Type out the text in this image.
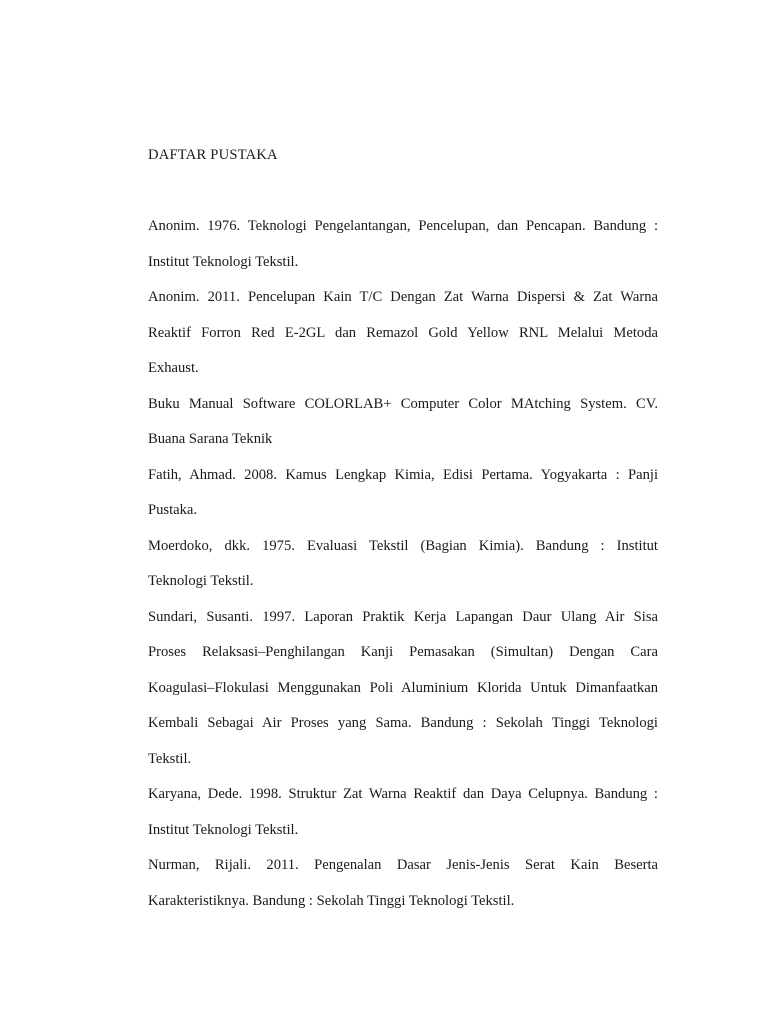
DAFTAR PUSTAKA
Anonim. 1976. Teknologi Pengelantangan, Pencelupan, dan Pencapan. Bandung :
Institut Teknologi Tekstil.
Anonim. 2011. Pencelupan Kain T/C Dengan Zat Warna Dispersi & Zat Warna
Reaktif Forron Red E-2GL dan Remazol Gold Yellow RNL Melalui Metoda
Exhaust.
Buku Manual Software COLORLAB+ Computer Color MAtching System. CV.
Buana Sarana Teknik
Fatih, Ahmad. 2008. Kamus Lengkap Kimia, Edisi Pertama. Yogyakarta : Panji
Pustaka.
Moerdoko, dkk. 1975. Evaluasi Tekstil (Bagian Kimia). Bandung : Institut
Teknologi Tekstil.
Sundari, Susanti. 1997. Laporan Praktik Kerja Lapangan Daur Ulang Air Sisa
Proses Relaksasi–Penghilangan Kanji Pemasakan (Simultan) Dengan Cara
Koagulasi–Flokulasi Menggunakan Poli Aluminium Klorida Untuk Dimanfaatkan
Kembali Sebagai Air Proses yang Sama. Bandung : Sekolah Tinggi Teknologi
Tekstil.
Karyana, Dede. 1998. Struktur Zat Warna Reaktif dan Daya Celupnya. Bandung :
Institut Teknologi Tekstil.
Nurman, Rijali. 2011. Pengenalan Dasar Jenis-Jenis Serat Kain Beserta
Karakteristiknya. Bandung : Sekolah Tinggi Teknologi Tekstil.
